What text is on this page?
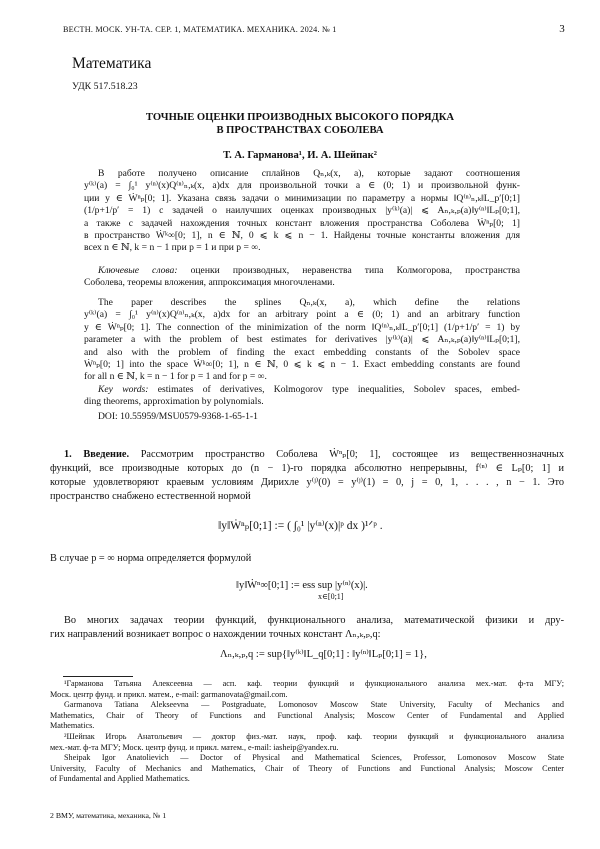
ВЕСТН. МОСК. УН-ТА. СЕР. 1, МАТЕМАТИКА. МЕХАНИКА. 2024. № 1	3
Математика
УДК 517.518.23
ТОЧНЫЕ ОЦЕНКИ ПРОИЗВОДНЫХ ВЫСОКОГО ПОРЯДКА
В ПРОСТРАНСТВАХ СОБОЛЕВА
Т. А. Гарманова¹, И. А. Шейпак²
В работе получено описание сплайнов Qₙ,ₖ(x, a), которые задают соотношения
y⁽ᵏ⁾(a) = ∫₀¹ y⁽ⁿ⁾(x)Q⁽ⁿ⁾ₙ,ₖ(x, a)dx для произвольной точки a ∈ (0; 1) и произвольной функ-
ции y ∈ Ẇⁿₚ[0; 1]. Указана связь задачи о минимизации по параметру a нормы ‖Q⁽ⁿ⁾ₙ,ₖ‖L_p′[0;1]
(1/p+1/p′ = 1) с задачей о наилучших оценках производных |y⁽ᵏ⁾(a)| ⩽ Aₙ,ₖ,ₚ(a)‖y⁽ⁿ⁾‖Lₚ[0;1],
а также с задачей нахождения точных констант вложения пространства Соболева Ẇⁿₚ[0; 1]
в пространство Ẇᵏ∞[0; 1], n ∈ ℕ, 0 ⩽ k ⩽ n − 1. Найдены точные константы вложения для
всех n ∈ ℕ, k = n − 1 при p = 1 и при p = ∞.
Ключевые слова: оценки производных, неравенства типа Колмогорова, пространства
Соболева, теоремы вложения, аппроксимация многочленами.
The paper describes the splines Qₙ,ₖ(x, a), which define the relations
y⁽ᵏ⁾(a) = ∫₀¹ y⁽ⁿ⁾(x)Q⁽ⁿ⁾ₙ,ₖ(x, a)dx for an arbitrary point a ∈ (0; 1) and an arbitrary function
y ∈ Ẇⁿₚ[0; 1]. The connection of the minimization of the norm ‖Q⁽ⁿ⁾ₙ,ₖ‖L_p′[0;1] (1/p+1/p′ = 1) by
parameter a with the problem of best estimates for derivatives |y⁽ᵏ⁾(a)| ⩽ Aₙ,ₖ,ₚ(a)‖y⁽ⁿ⁾‖Lₚ[0;1],
and also with the problem of finding the exact embedding constants of the Sobolev space
Ẇⁿₚ[0; 1] into the space Ẇᵏ∞[0; 1], n ∈ ℕ, 0 ⩽ k ⩽ n − 1. Exact embedding constants are found
for all n ∈ ℕ, k = n − 1 for p = 1 and for p = ∞.
Key words: estimates of derivatives, Kolmogorov type inequalities, Sobolev spaces, embed-
ding theorems, approximation by polynomials.
DOI: 10.55959/MSU0579-9368-1-65-1-1
1. Введение. Рассмотрим пространство Соболева Ẇⁿₚ[0; 1], состоящее из вещественнозначных
функций, все производные которых до (n − 1)-го порядка абсолютно непрерывны, f⁽ⁿ⁾ ∈ Lₚ[0; 1] и
которые удовлетворяют краевым условиям Дирихле y⁽ʲ⁾(0) = y⁽ʲ⁾(1) = 0, j = 0, 1, . . . , n − 1. Это
пространство снабжено естественной нормой
‖y‖Ẇⁿₚ[0;1] := ( ∫₀¹ |y⁽ⁿ⁾(x)|ᵖ dx )¹ᐟᵖ .
В случае p = ∞ норма определяется формулой
‖y‖Ẇⁿ∞[0;1] := ess sup |y⁽ⁿ⁾(x)|.
x∈[0;1]
Во многих задачах теории функций, функционального анализа, математической физики и дру-
гих направлений возникает вопрос о нахождении точных констант Λₙ,ₖ,ₚ,q:
Λₙ,ₖ,ₚ,q := sup{‖y⁽ᵏ⁾‖L_q[0;1] : ‖y⁽ⁿ⁾‖Lₚ[0;1] = 1},
¹Гарманова Татьяна Алексеевна — асп. каф. теории функций и функционального анализа мех.-мат. ф-та МГУ;
Моск. центр фунд. и прикл. матем., e-mail: garmanovata@gmail.com.
Garmanova Tatiana Alekseevna — Postgraduate, Lomonosov Moscow State University, Faculty of Mechanics and
Mathematics, Chair of Theory of Functions and Functional Analysis; Moscow Center of Fundamental and Applied
Mathematics.
²Шейпак Игорь Анатольевич — доктор физ.-мат. наук, проф. каф. теории функций и функционального анализа
мех.-мат. ф-та МГУ; Моск. центр фунд. и прикл. матем., e-mail: iasheip@yandex.ru.
Sheipak Igor Anatolievich — Doctor of Physical and Mathematical Sciences, Professor, Lomonosov Moscow State
University, Faculty of Mechanics and Mathematics, Chair of Theory of Functions and Functional Analysis; Moscow Center
of Fundamental and Applied Mathematics.
2 ВМУ, математика, механика, № 1
